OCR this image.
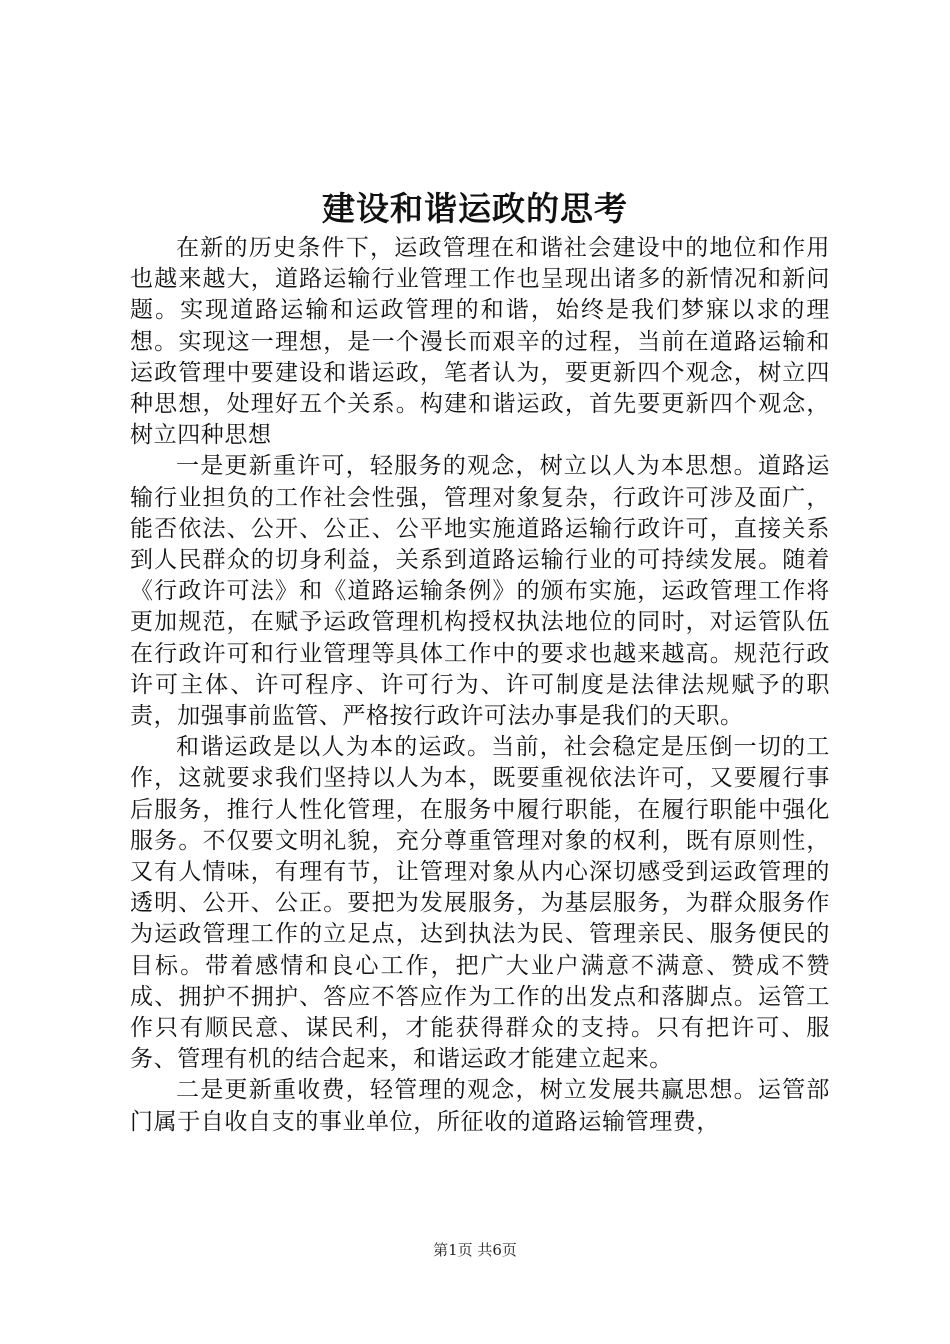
建设和谐运政的思考

在新的历史条件下，运政管理在和谐社会建设中的地位和作用也越来越大，道路运输行业管理工作也呈现出诸多的新情况和新问题。实现道路运输和运政管理的和谐，始终是我们梦寐以求的理想。实现这一理想，是一个漫长而艰辛的过程，当前在道路运输和运政管理中要建设和谐运政，笔者认为，要更新四个观念，树立四种思想，处理好五个关系。构建和谐运政，首先要更新四个观念，树立四种思想

一是更新重许可，轻服务的观念，树立以人为本思想。道路运输行业担负的工作社会性强，管理对象复杂，行政许可涉及面广，能否依法、公开、公正、公平地实施道路运输行政许可，直接关系到人民群众的切身利益，关系到道路运输行业的可持续发展。随着《行政许可法》和《道路运输条例》的颁布实施，运政管理工作将更加规范，在赋予运政管理机构授权执法地位的同时，对运管队伍在行政许可和行业管理等具体工作中的要求也越来越高。规范行政许可主体、许可程序、许可行为、许可制度是法律法规赋予的职责，加强事前监管、严格按行政许可法办事是我们的天职。

和谐运政是以人为本的运政。当前，社会稳定是压倒一切的工作，这就要求我们坚持以人为本，既要重视依法许可，又要履行事后服务，推行人性化管理，在服务中履行职能，在履行职能中强化服务。不仅要文明礼貌，充分尊重管理对象的权利，既有原则性，又有人情味，有理有节，让管理对象从内心深切感受到运政管理的透明、公开、公正。要把为发展服务，为基层服务，为群众服务作为运政管理工作的立足点，达到执法为民、管理亲民、服务便民的目标。带着感情和良心工作，把广大业户满意不满意、赞成不赞成、拥护不拥护、答应不答应作为工作的出发点和落脚点。运管工作只有顺民意、谋民利，才能获得群众的支持。只有把许可、服务、管理有机的结合起来，和谐运政才能建立起来。

二是更新重收费，轻管理的观念，树立发展共赢思想。运管部门属于自收自支的事业单位，所征收的道路运输管理费，

第1页 共6页
